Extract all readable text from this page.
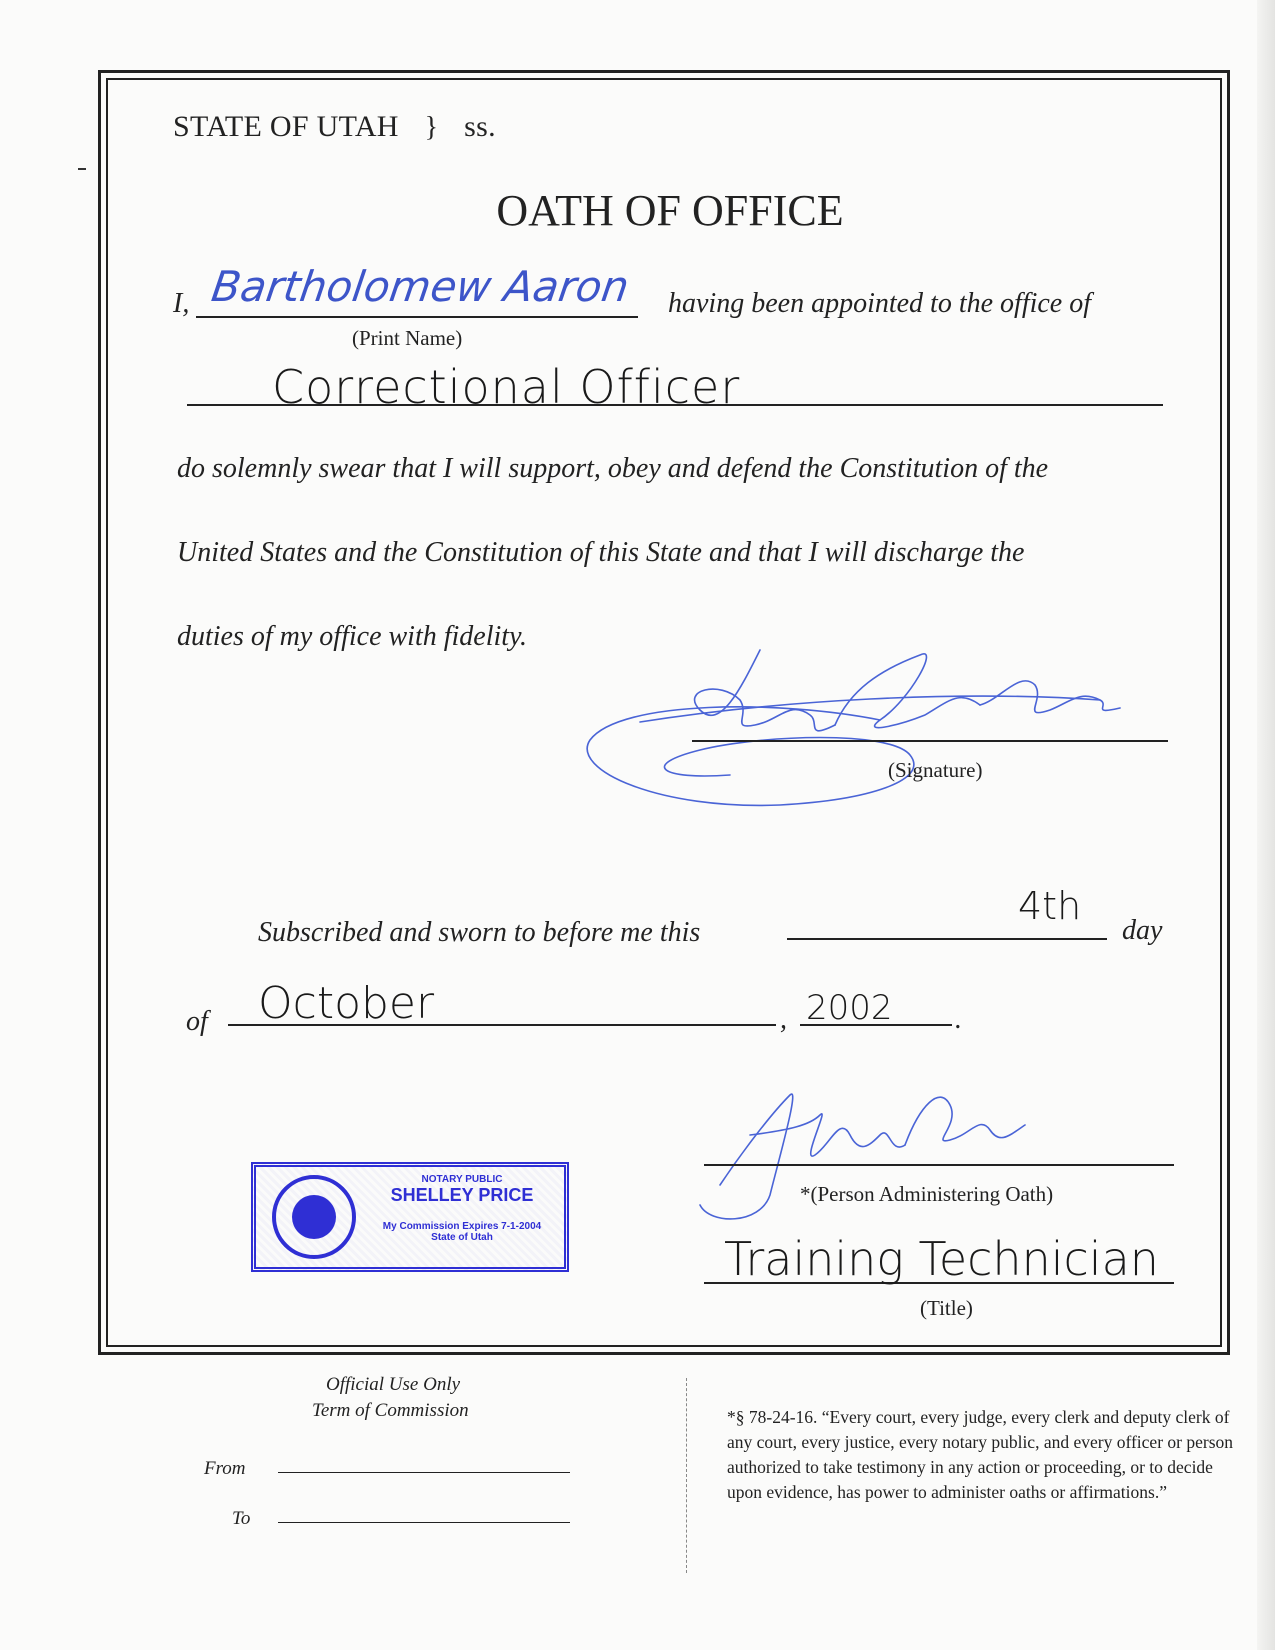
STATE OF UTAH } ss.
OATH OF OFFICE
I, Bartholomew Aaron
(Print Name)
having been appointed to the office of
Correctional Officer
do solemnly swear that I will support, obey and defend the Constitution of the
United States and the Constitution of this State and that I will discharge the
duties of my office with fidelity.
(Signature)
Subscribed and sworn to before me this
4th
day
of October	, 2002 .
NOTARY PUBLIC
SHELLEY PRICE
My Commission Expires 7-1-2004
State of Utah
*(Person Administering Oath)
Training Technician
(Title)
Official Use Only
Term of Commission
From
To
*§ 78-24-16. “Every court, every judge, every clerk and deputy clerk of any court, every justice, every notary public, and every officer or person authorized to take testimony in any action or proceeding, or to decide upon evidence, has power to administer oaths or affirmations.”
